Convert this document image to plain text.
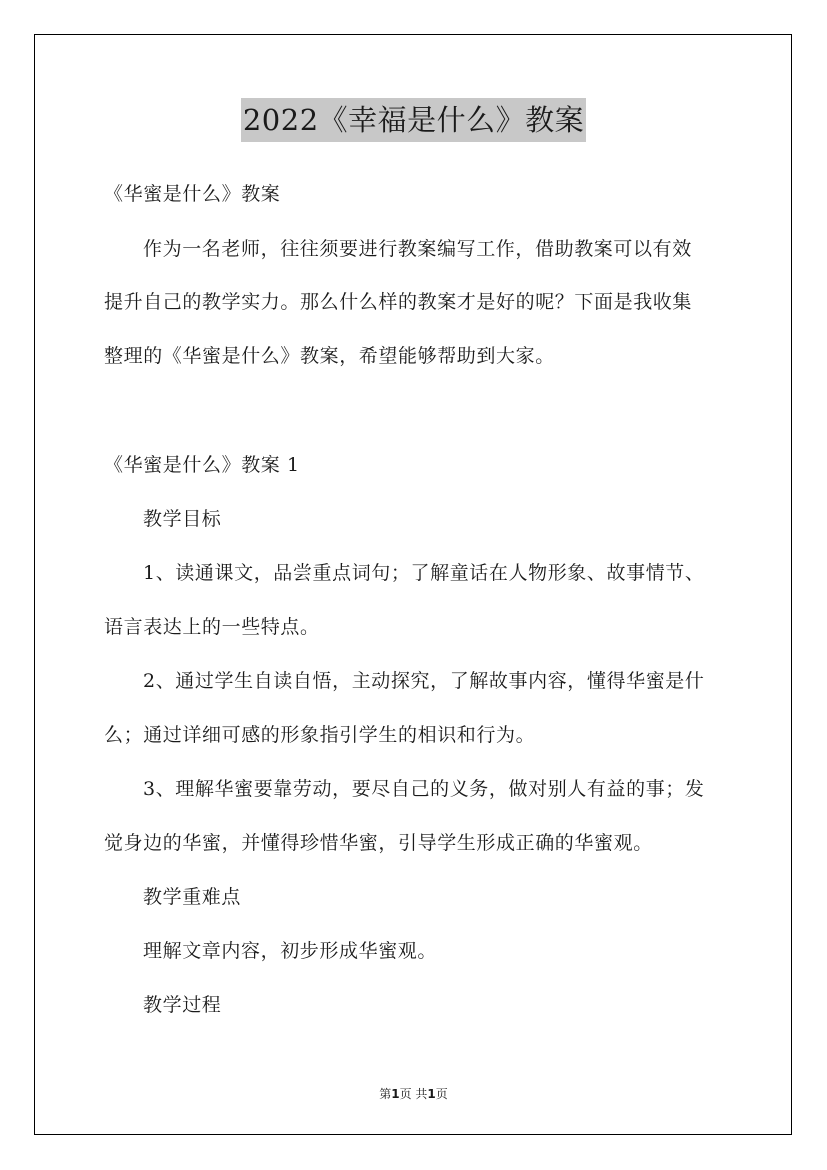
2022《幸福是什么》教案
《华蜜是什么》教案
作为一名老师，往往须要进行教案编写工作，借助教案可以有效
提升自己的教学实力。那么什么样的教案才是好的呢？下面是我收集
整理的《华蜜是什么》教案，希望能够帮助到大家。
《华蜜是什么》教案 1
教学目标
1、读通课文，品尝重点词句；了解童话在人物形象、故事情节、
语言表达上的一些特点。
2、通过学生自读自悟，主动探究，了解故事内容，懂得华蜜是什
么；通过详细可感的形象指引学生的相识和行为。
3、理解华蜜要靠劳动，要尽自己的义务，做对别人有益的事；发
觉身边的华蜜，并懂得珍惜华蜜，引导学生形成正确的华蜜观。
教学重难点
理解文章内容，初步形成华蜜观。
教学过程
第1页 共1页
